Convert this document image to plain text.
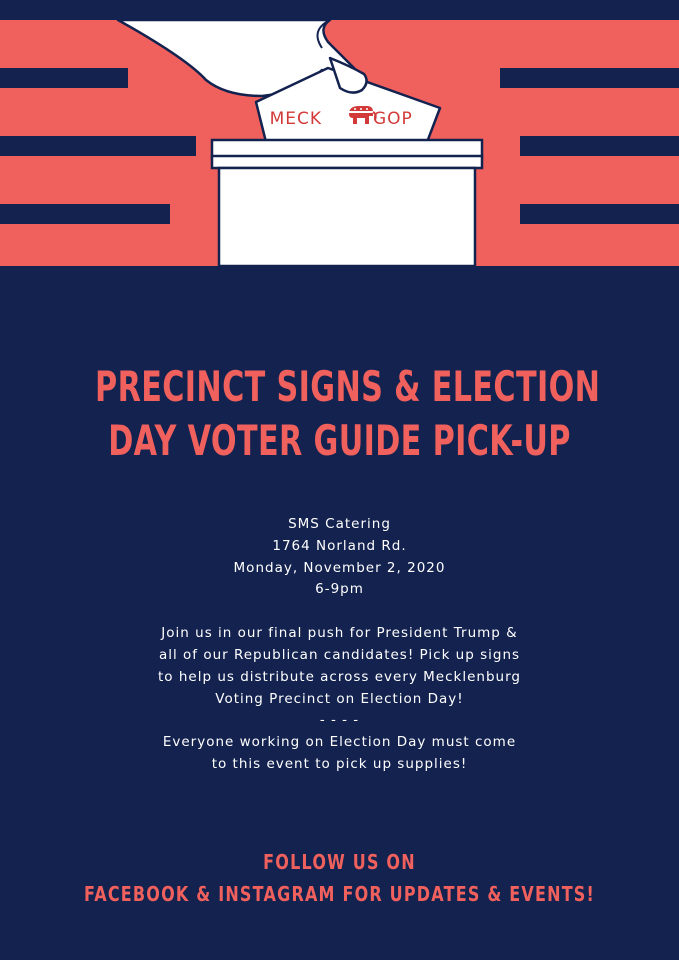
MECK	GOP
PRECINCT SIGNS & ELECTION
DAY VOTER GUIDE PICK-UP
SMS Catering
1764 Norland Rd.
Monday, November 2, 2020
6-9pm
Join us in our final push for President Trump &
all of our Republican candidates! Pick up signs
to help us distribute across every Mecklenburg
Voting Precinct on Election Day!
- - - -
Everyone working on Election Day must come
to this event to pick up supplies!
FOLLOW US ON
FACEBOOK & INSTAGRAM FOR UPDATES & EVENTS!
